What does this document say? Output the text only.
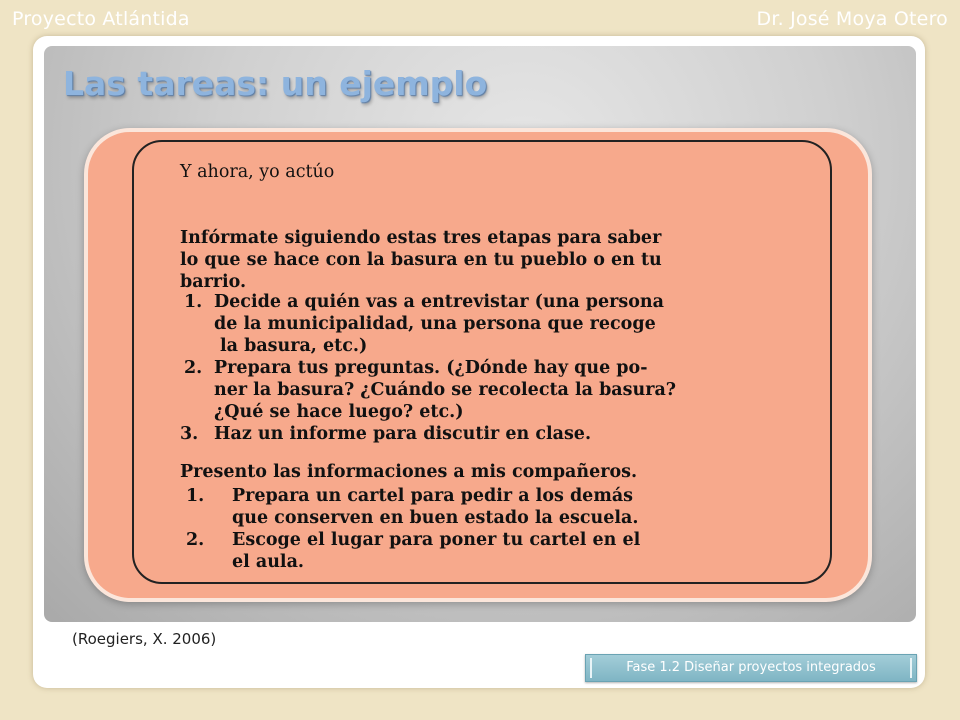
Proyecto Atlántida	Dr. José Moya Otero
Las tareas: un ejemplo
Y ahora, yo actúo
Infórmate siguiendo estas tres etapas para saber
lo que se hace con la basura en tu pueblo o en tu
barrio.
1. Decide a quién vas a entrevistar (una persona
de la municipalidad, una persona que recoge
la basura, etc.)
2. Prepara tus preguntas. (¿Dónde hay que po-
ner la basura? ¿Cuándo se recolecta la basura?
¿Qué se hace luego? etc.)
3. Haz un informe para discutir en clase.
Presento las informaciones a mis compañeros.
1. Prepara un cartel para pedir a los demás
que conserven en buen estado la escuela.
2. Escoge el lugar para poner tu cartel en el
el aula.
(Roegiers, X. 2006)
Fase 1.2 Diseñar proyectos integrados
